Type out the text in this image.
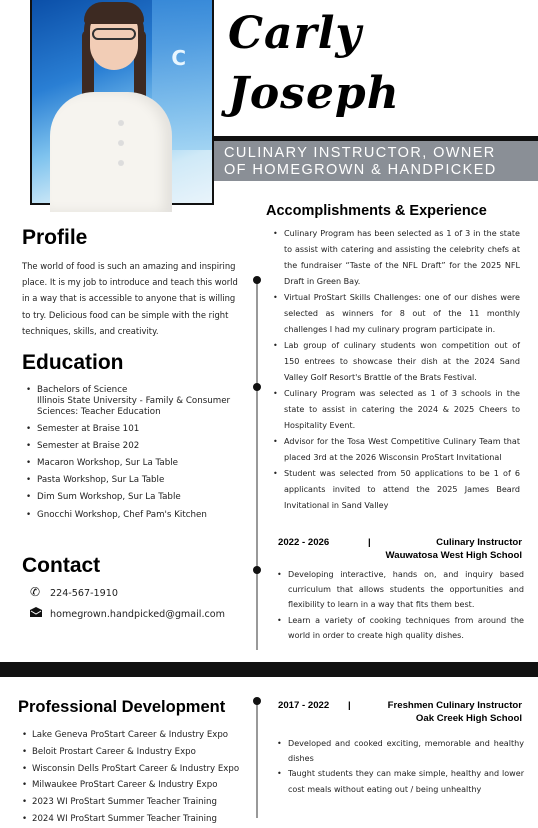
C Carly
Joseph
CULINARY INSTRUCTOR, OWNER
OF HOMEGROWN & HANDPICKED
Profile
The world of food is such an amazing and inspiring place. It is my job to introduce and teach this world in a way that is accessible to anyone that is willing to try. Delicious food can be simple with the right techniques, skills, and creativity.
Education
• Bachelors of Science
Illinois State University - Family & Consumer Sciences: Teacher Education
• Semester at Braise 101
• Semester at Braise 202
• Macaron Workshop, Sur La Table
• Pasta Workshop, Sur La Table
• Dim Sum Workshop, Sur La Table
• Gnocchi Workshop, Chef Pam's Kitchen
Contact
✆ 224-567-1910
homegrown.handpicked@gmail.com
Accomplishments & Experience
• Culinary Program has been selected as 1 of 3 in the state to assist with catering and assisting the celebrity chefs at the fundraiser “Taste of the NFL Draft” for the 2025 NFL Draft in Green Bay.
• Virtual ProStart Skills Challenges: one of our dishes were selected as winners for 8 out of the 11 monthly challenges I had my culinary program participate in.
• Lab group of culinary students won competition out of 150 entrees to showcase their dish at the 2024 Sand Valley Golf Resort's Brattle of the Brats Festival.
• Culinary Program was selected as 1 of 3 schools in the state to assist in catering the 2024 & 2025 Cheers to Hospitality Event.
• Advisor for the Tosa West Competitive Culinary Team that placed 3rd at the 2026 Wisconsin ProStart Invitational
• Student was selected from 50 applications to be 1 of 6 applicants invited to attend the 2025 James Beard Invitational in Sand Valley
2022 - 2026	|	Culinary Instructor
Wauwatosa West High School
• Developing interactive, hands on, and inquiry based curriculum that allows students the opportunities and flexibility to learn in a way that fits them best.
• Learn a variety of cooking techniques from around the world in order to create high quality dishes.
Professional Development
• Lake Geneva ProStart Career & Industry Expo
• Beloit Prostart Career & Industry Expo
• Wisconsin Dells ProStart Career & Industry Expo
• Milwaukee ProStart Career & Industry Expo
• 2023 WI ProStart Summer Teacher Training
• 2024 WI ProStart Summer Teacher Training
2017 - 2022 |	Freshmen Culinary Instructor
Oak Creek High School
• Developed and cooked exciting, memorable and healthy dishes
• Taught students they can make simple, healthy and lower cost meals without eating out / being unhealthy
